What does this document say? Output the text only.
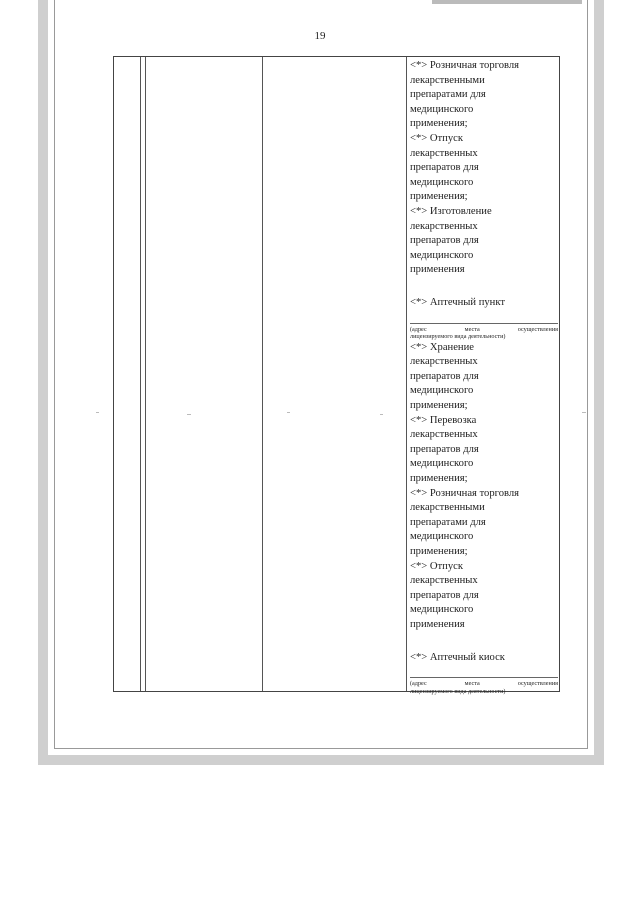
19
<*> Розничная торговля
лекарственными
препаратами для
медицинского
применения;
<*> Отпуск
лекарственных
препаратов для
медицинского
применения;
<*> Изготовление
лекарственных
препаратов для
медицинского
применения
<*> Аптечный пункт
(адрес места осуществления
лицензируемого вида деятельности)
<*> Хранение
лекарственных
препаратов для
медицинского
применения;
<*> Перевозка
лекарственных
препаратов для
медицинского
применения;
<*> Розничная торговля
лекарственными
препаратами для
медицинского
применения;
<*> Отпуск
лекарственных
препаратов для
медицинского
применения
<*> Аптечный киоск
(адрес места осуществления
лицензируемого вида деятельности)
